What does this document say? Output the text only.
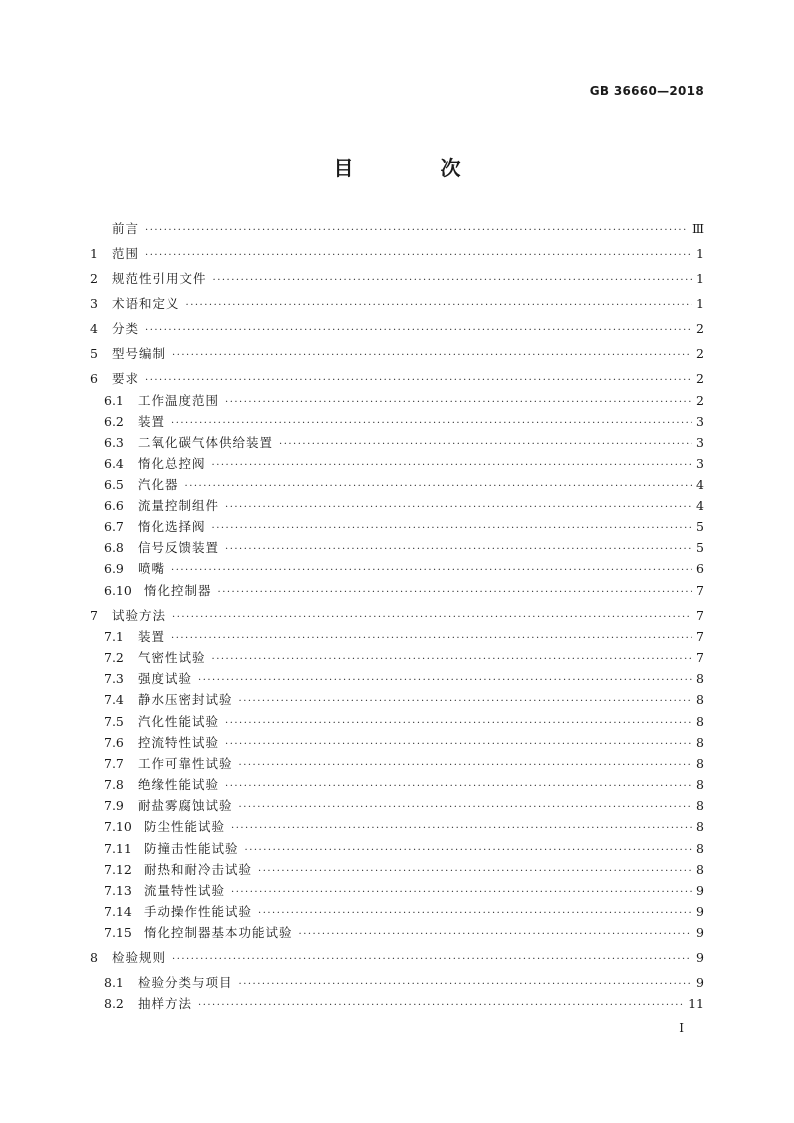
GB 36660—2018
目 次
前言 ·····	Ⅲ
1	范围 ·····	1
2	规范性引用文件 ·····	1
3	术语和定义 ·····	1
4	分类 ·····	2
5	型号编制 ·····	2
6	要求 ·····	2
6.1	工作温度范围 ·····	2
6.2	装置 ·····	3
6.3	二氧化碳气体供给装置 ·····	3
6.4	惰化总控阀 ·····	3
6.5	汽化器 ·····	4
6.6	流量控制组件 ·····	4
6.7	惰化选择阀 ·····	5
6.8	信号反馈装置 ·····	5
6.9	喷嘴 ·····	6
6.10 惰化控制器 ·····	7
7	试验方法 ·····	7
7.1	装置 ·····	7
7.2	气密性试验 ·····	7
7.3	强度试验 ·····	8
7.4	静水压密封试验 ·····	8
7.5	汽化性能试验 ·····	8
7.6	控流特性试验 ·····	8
7.7	工作可靠性试验 ·····	8
7.8	绝缘性能试验 ·····	8
7.9	耐盐雾腐蚀试验 ·····	8
7.10 防尘性能试验 ·····	8
7.11 防撞击性能试验 ·····	8
7.12 耐热和耐冷击试验 ·····	8
7.13 流量特性试验 ·····	9
7.14 手动操作性能试验 ·····	9
7.15 惰化控制器基本功能试验 ·····	9
8	检验规则 ·····	9
8.1	检验分类与项目 ·····	9
8.2	抽样方法 ·····	11
Ⅰ
